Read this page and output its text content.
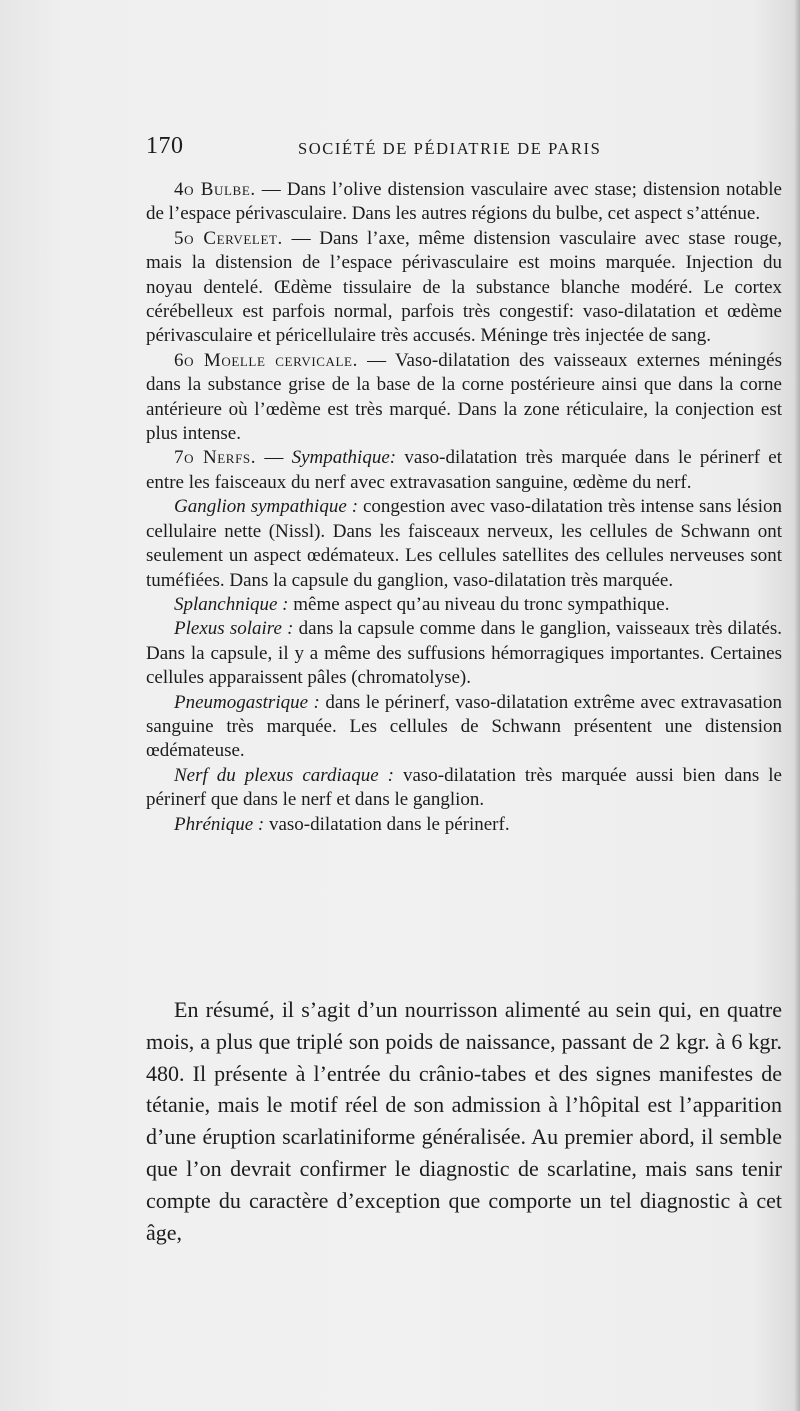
170	SOCIÉTÉ DE PÉDIATRIE DE PARIS

4o Bulbe. — Dans l’olive distension vasculaire avec stase; distension notable de l’espace périvasculaire. Dans les autres régions du bulbe, cet aspect s’atténue.

5o Cervelet. — Dans l’axe, même distension vasculaire avec stase rouge, mais la distension de l’espace périvasculaire est moins marquée. Injection du noyau dentelé. Œdème tissulaire de la substance blanche modéré. Le cortex cérébelleux est parfois normal, parfois très congestif: vaso-dilatation et œdème périvasculaire et péricellulaire très accusés. Méninge très injectée de sang.

6o Moelle cervicale. — Vaso-dilatation des vaisseaux externes méningés dans la substance grise de la base de la corne postérieure ainsi que dans la corne antérieure où l’œdème est très marqué. Dans la zone réticulaire, la conjection est plus intense.

7o Nerfs. — Sympathique: vaso-dilatation très marquée dans le périnerf et entre les faisceaux du nerf avec extravasation sanguine, œdème du nerf.

Ganglion sympathique : congestion avec vaso-dilatation très intense sans lésion cellulaire nette (Nissl). Dans les faisceaux nerveux, les cellules de Schwann ont seulement un aspect œdémateux. Les cellules satellites des cellules nerveuses sont tuméfiées. Dans la capsule du ganglion, vaso-dilatation très marquée.

Splanchnique : même aspect qu’au niveau du tronc sympathique.

Plexus solaire : dans la capsule comme dans le ganglion, vaisseaux très dilatés. Dans la capsule, il y a même des suffusions hémorragiques importantes. Certaines cellules apparaissent pâles (chromatolyse).

Pneumogastrique : dans le périnerf, vaso-dilatation extrême avec extravasation sanguine très marquée. Les cellules de Schwann présentent une distension œdémateuse.

Nerf du plexus cardiaque : vaso-dilatation très marquée aussi bien dans le périnerf que dans le nerf et dans le ganglion.

Phrénique : vaso-dilatation dans le périnerf.

En résumé, il s’agit d’un nourrisson alimenté au sein qui, en quatre mois, a plus que triplé son poids de naissance, passant de 2 kgr. à 6 kgr. 480. Il présente à l’entrée du crânio-tabes et des signes manifestes de tétanie, mais le motif réel de son admission à l’hôpital est l’apparition d’une éruption scarlatiniforme généralisée. Au premier abord, il semble que l’on devrait confirmer le diagnostic de scarlatine, mais sans tenir compte du caractère d’exception que comporte un tel diagnostic à cet âge,
